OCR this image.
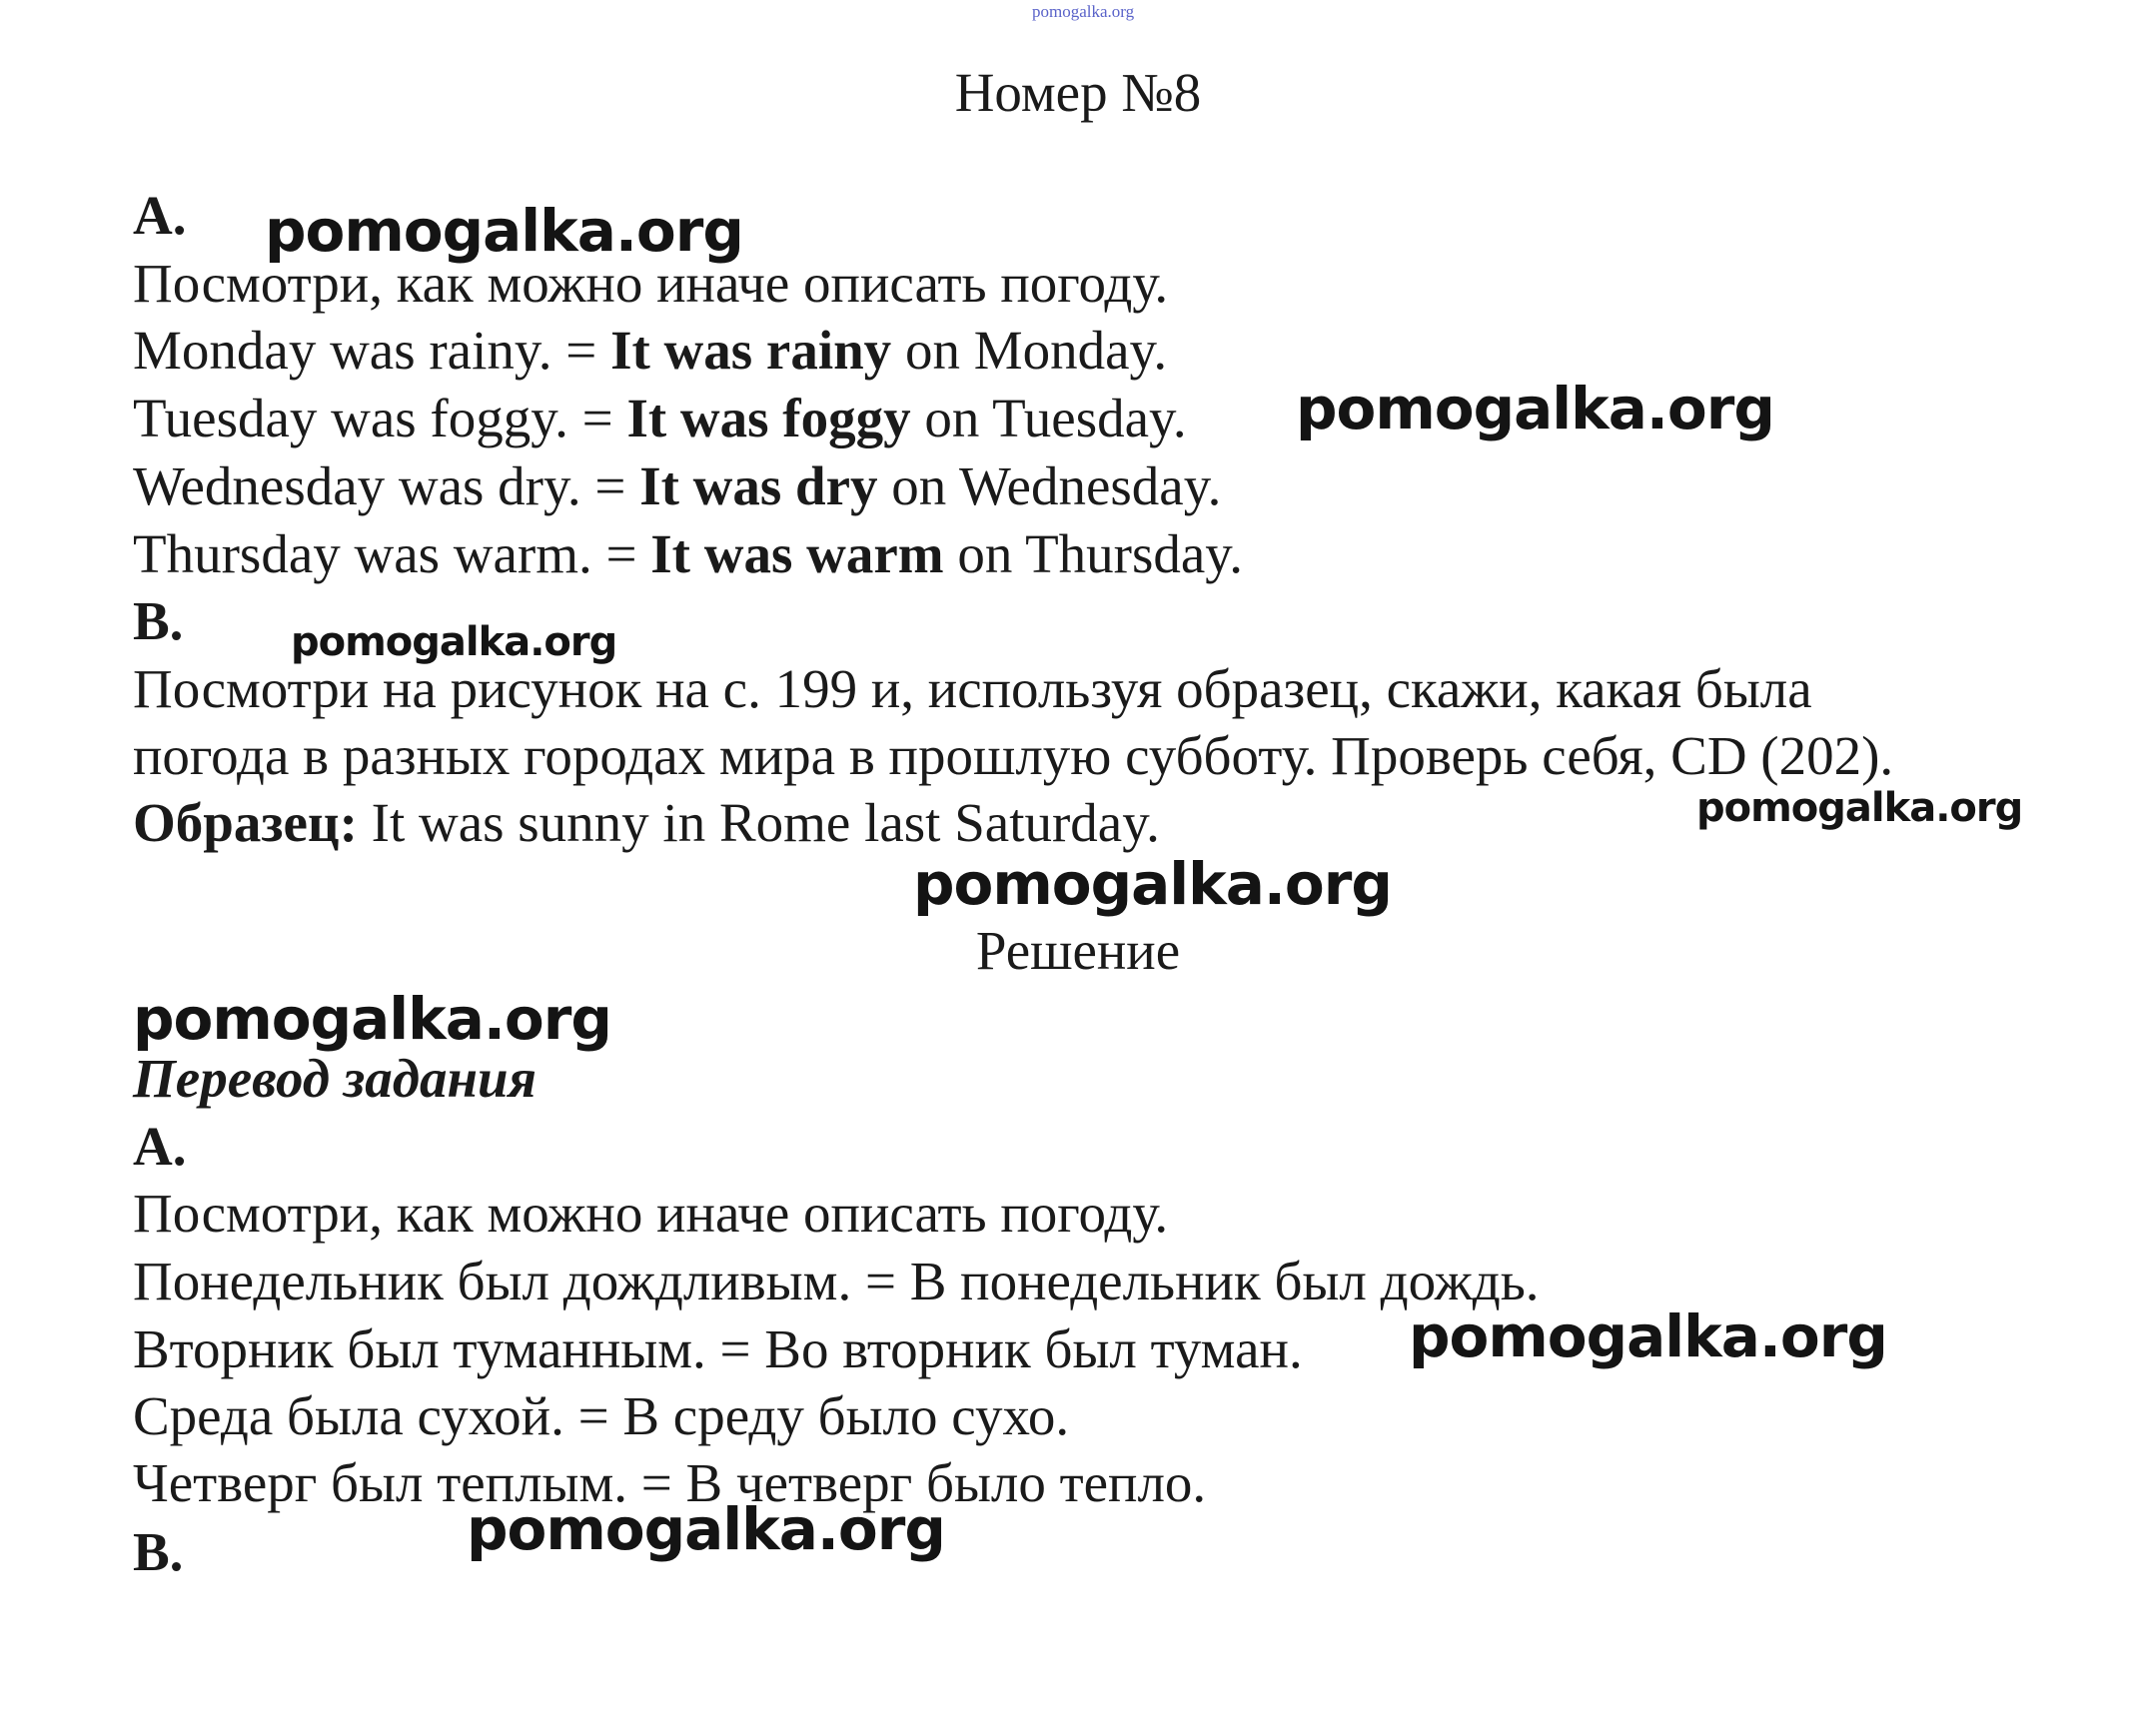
pomogalka.org
Номер №8
A.
Посмотри, как можно иначе описать погоду.
Monday was rainy. = It was rainy on Monday.
Tuesday was foggy. = It was foggy on Tuesday.
Wednesday was dry. = It was dry on Wednesday.
Thursday was warm. = It was warm on Thursday.
B.
Посмотри на рисунок на с. 199 и, используя образец, скажи, какая была
погода в разных городах мира в прошлую субботу. Проверь себя, CD (202).
Образец: It was sunny in Rome last Saturday.
Решение
Перевод задания
A.
Посмотри, как можно иначе описать погоду.
Понедельник был дождливым. = В понедельник был дождь.
Вторник был туманным. = Во вторник был туман.
Среда была сухой. = В среду было сухо.
Четверг был теплым. = В четверг было тепло.
B.
pomogalka.org
pomogalka.org
pomogalka.org
pomogalka.org
pomogalka.org
pomogalka.org
pomogalka.org
pomogalka.org
